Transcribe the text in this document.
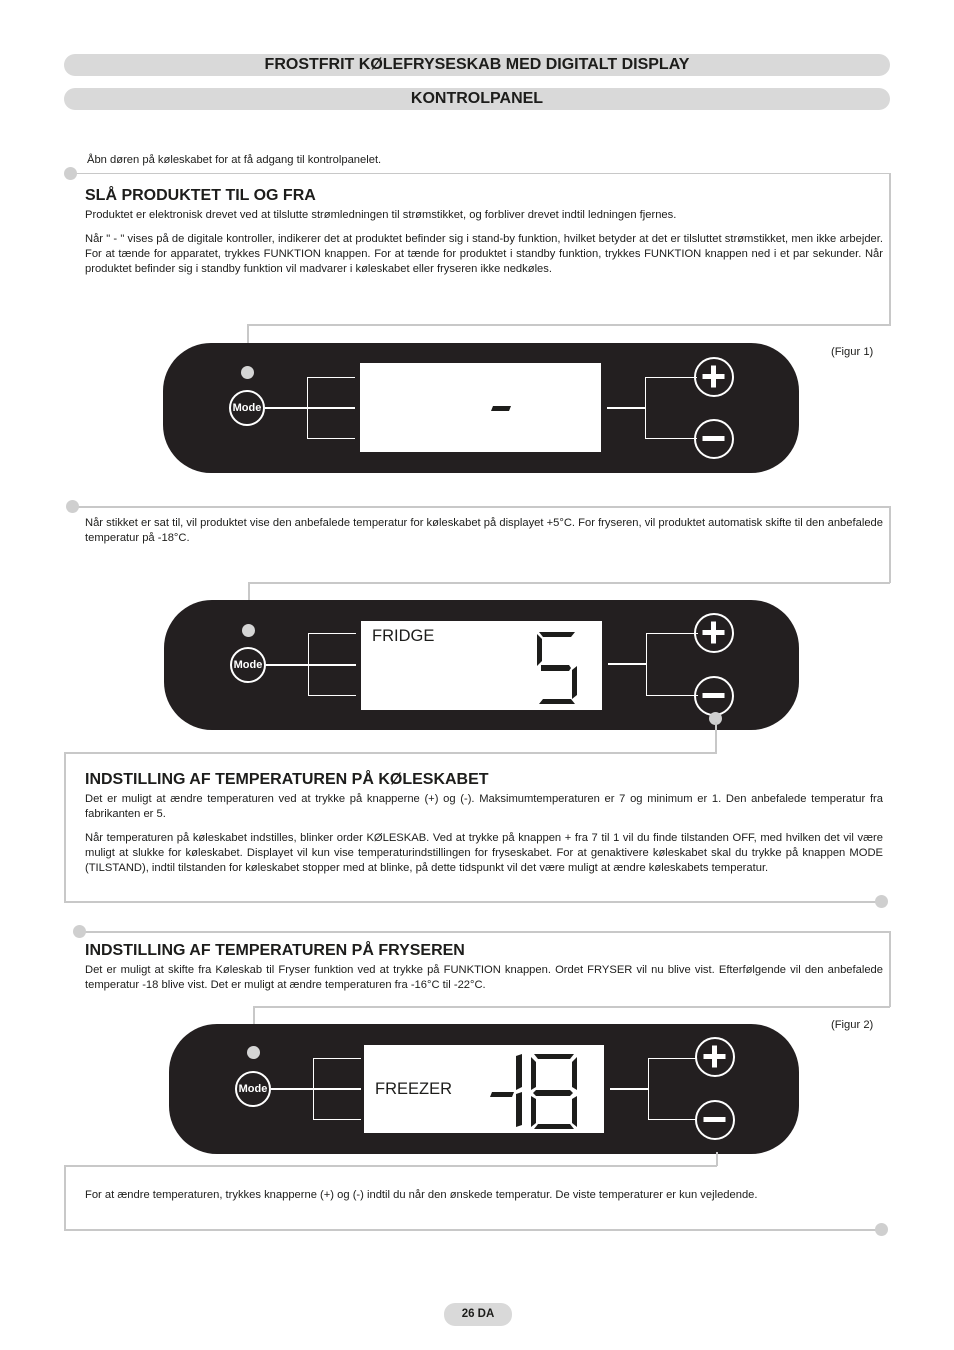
FROSTFRIT KØLEFRYSESKAB MED DIGITALT DISPLAY
KONTROLPANEL
Åbn døren på køleskabet for at få adgang til kontrolpanelet.
SLÅ PRODUKTET TIL OG FRA

Produktet er elektronisk drevet ved at tilslutte strømledningen til strømstikket, og forbliver drevet indtil ledningen fjernes.

Når " - " vises på de digitale kontroller, indikerer det at produktet befinder sig i stand-by funktion, hvilket betyder at det er tilsluttet strømstikket, men ikke arbejder. For at tænde for apparatet, trykkes FUNKTION knappen. For at tænde for produktet i standby funktion, trykkes FUNKTION knappen ned i et par sekunder. Når produktet befinder sig i standby funktion vil madvarer i køleskabet eller fryseren ikke nedkøles.

(Figur 1)
Mode

Når stikket er sat til, vil produktet vise den anbefalede temperatur for køleskabet på displayet +5°C. For fryseren, vil produktet automatisk skifte til den anbefalede temperatur på -18°C.

Mode
FRIDGE
INDSTILLING AF TEMPERATUREN PÅ KØLESKABET

Det er muligt at ændre temperaturen ved at trykke på knapperne (+) og (-). Maksimumtemperaturen er 7 og minimum er 1. Den anbefalede temperatur fra fabrikanten er 5.

Når temperaturen på køleskabet indstilles, blinker order KØLESKAB. Ved at trykke på knappen + fra 7 til 1 vil du finde tilstanden OFF, med hvilken det vil være muligt at slukke for køleskabet. Displayet vil kun vise temperaturindstillingen for fryseskabet. For at genaktivere køleskabet skal du trykke på knappen MODE (TILSTAND), indtil tilstanden for køleskabet stopper med at blinke, på dette tidspunkt vil det være muligt at ændre køleskabets temperatur.

INDSTILLING AF TEMPERATUREN PÅ FRYSEREN

Det er muligt at skifte fra Køleskab til Fryser funktion ved at trykke på FUNKTION knappen. Ordet FRYSER vil nu blive vist. Efterfølgende vil den anbefalede temperatur -18 blive vist. Det er muligt at ændre temperaturen fra -16°C til -22°C.

(Figur 2)
Mode	FREEZER

For at ændre temperaturen, trykkes knapperne (+) og (-) indtil du når den ønskede temperatur. De viste temperaturer er kun vejledende.

26 DA
